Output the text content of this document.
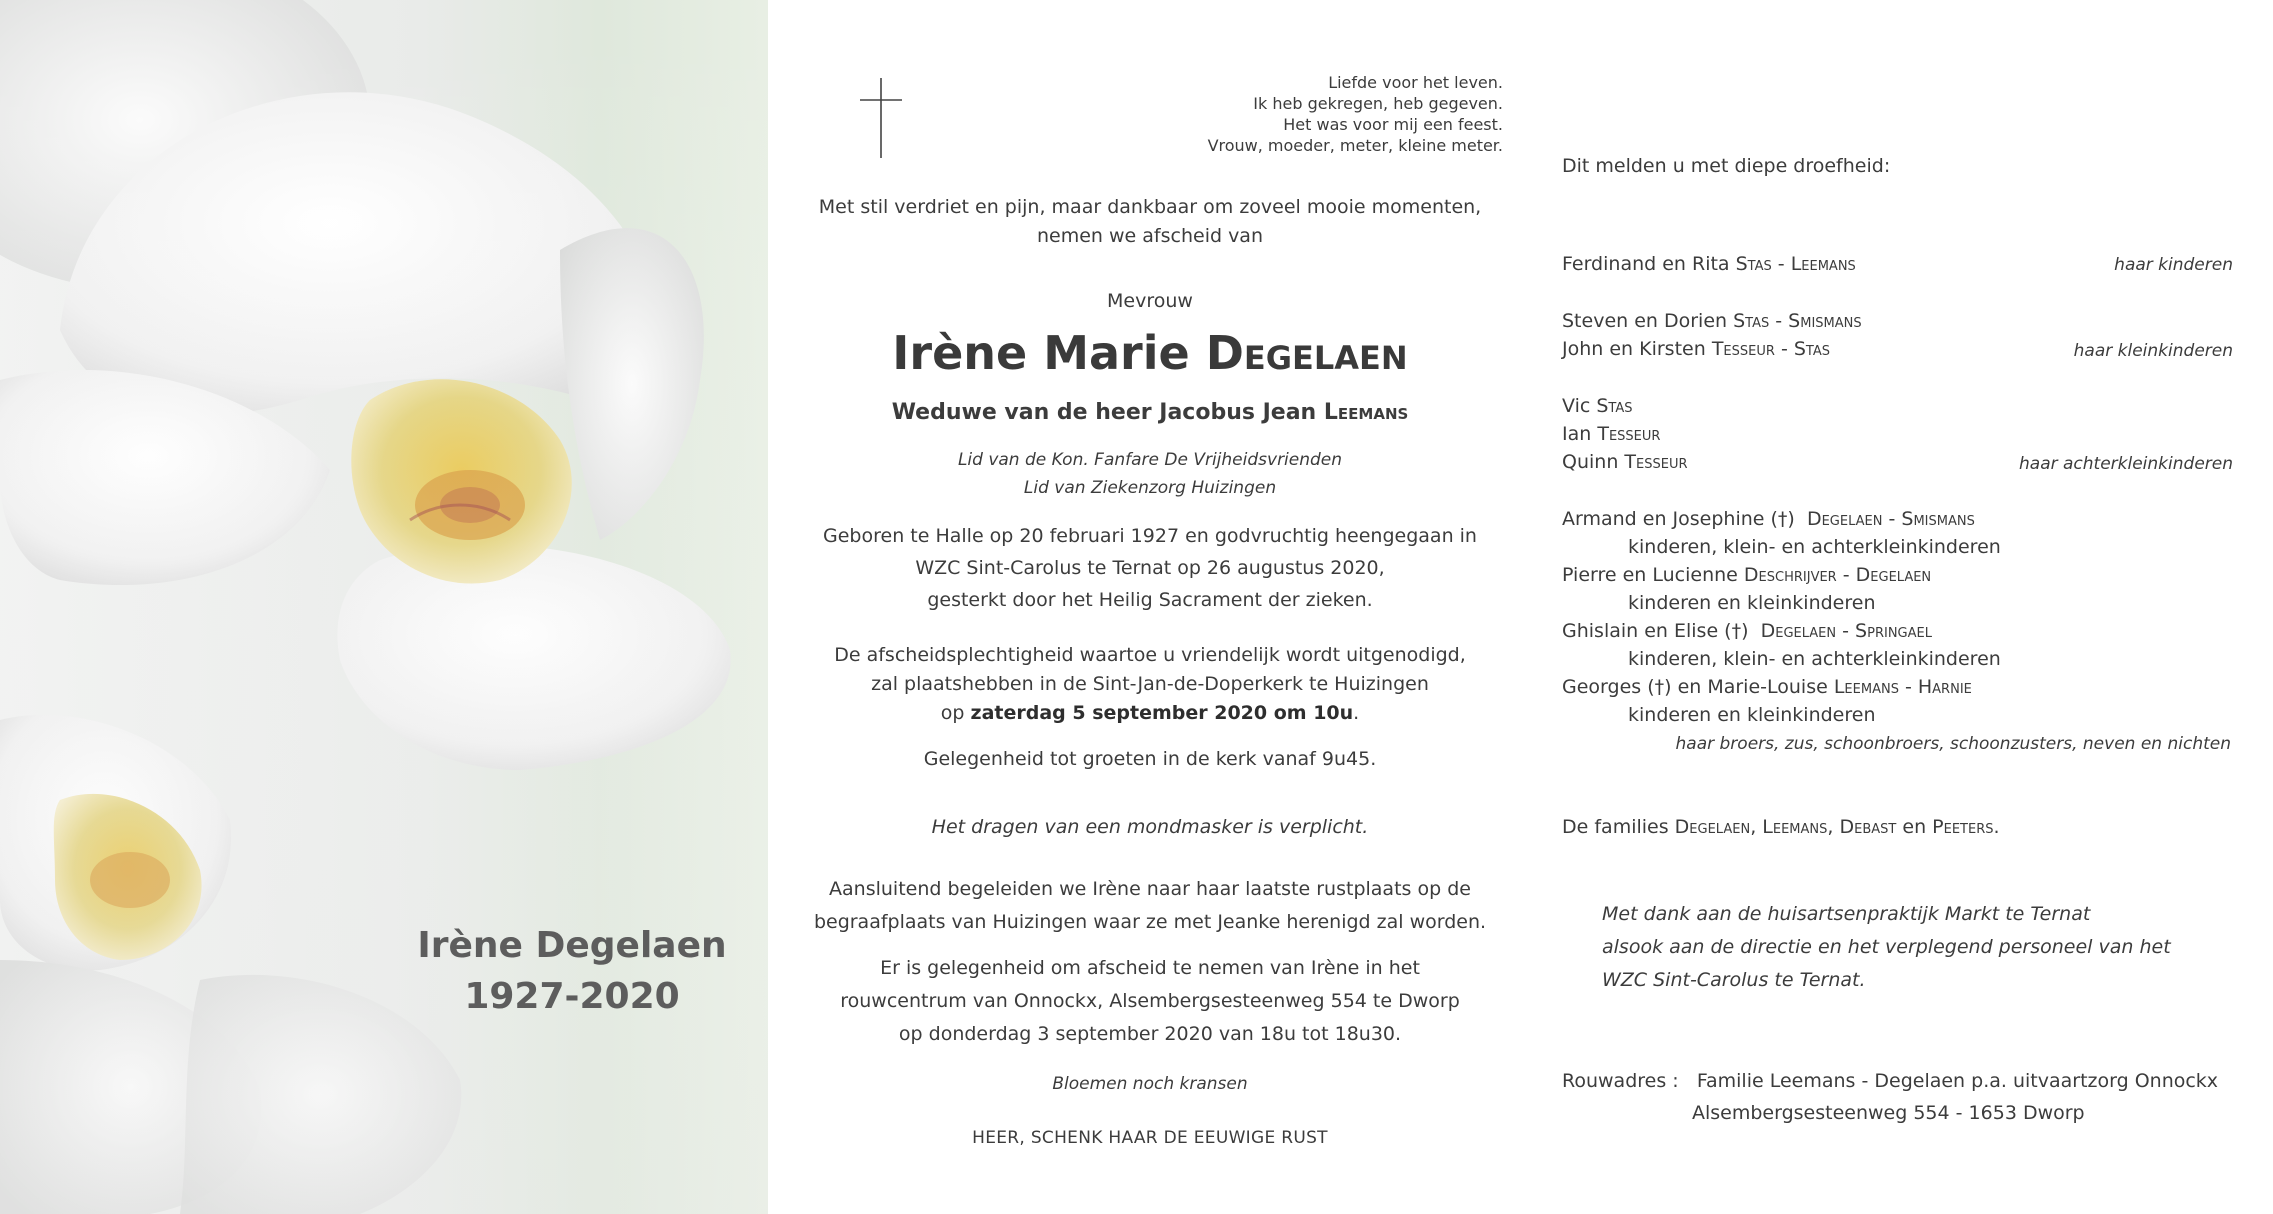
Irène Degelaen
1927-2020
Liefde voor het leven.
Ik heb gekregen, heb gegeven.
Het was voor mij een feest.
Vrouw, moeder, meter, kleine meter.
Met stil verdriet en pijn, maar dankbaar om zoveel mooie momenten,
nemen we afscheid van
Mevrouw
Irène Marie Degelaen
Weduwe van de heer Jacobus Jean Leemans
Lid van de Kon. Fanfare De Vrijheidsvrienden
Lid van Ziekenzorg Huizingen
Geboren te Halle op 20 februari 1927 en godvruchtig heengegaan in
WZC Sint-Carolus te Ternat op 26 augustus 2020,
gesterkt door het Heilig Sacrament der zieken.
De afscheidsplechtigheid waartoe u vriendelijk wordt uitgenodigd,
zal plaatshebben in de Sint-Jan-de-Doperkerk te Huizingen
op zaterdag 5 september 2020 om 10u.
Gelegenheid tot groeten in de kerk vanaf 9u45.
Het dragen van een mondmasker is verplicht.
Aansluitend begeleiden we Irène naar haar laatste rustplaats op de
begraafplaats van Huizingen waar ze met Jeanke herenigd zal worden.
Er is gelegenheid om afscheid te nemen van Irène in het
rouwcentrum van Onnockx, Alsembergsesteenweg 554 te Dworp
op donderdag 3 september 2020 van 18u tot 18u30.
Bloemen noch kransen
HEER, SCHENK HAAR DE EEUWIGE RUST
Dit melden u met diepe droefheid:
Ferdinand en Rita Stas - Leemans	haar kinderen
Steven en Dorien Stas - Smismans
John en Kirsten Tesseur - Stas	haar kleinkinderen
Vic Stas
Ian Tesseur
Quinn Tesseur	haar achterkleinkinderen
Armand en Josephine (†) Degelaen - Smismans
kinderen, klein- en achterkleinkinderen
Pierre en Lucienne Deschrijver - Degelaen
kinderen en kleinkinderen
Ghislain en Elise (†) Degelaen - Springael
kinderen, klein- en achterkleinkinderen
Georges (†) en Marie-Louise Leemans - Harnie
kinderen en kleinkinderen
haar broers, zus, schoonbroers, schoonzusters, neven en nichten
De families Degelaen, Leemans, Debast en Peeters.
Met dank aan de huisartsenpraktijk Markt te Ternat
alsook aan de directie en het verplegend personeel van het
WZC Sint-Carolus te Ternat.
Rouwadres : Familie Leemans - Degelaen p.a. uitvaartzorg Onnockx
Alsembergsesteenweg 554 - 1653 Dworp
